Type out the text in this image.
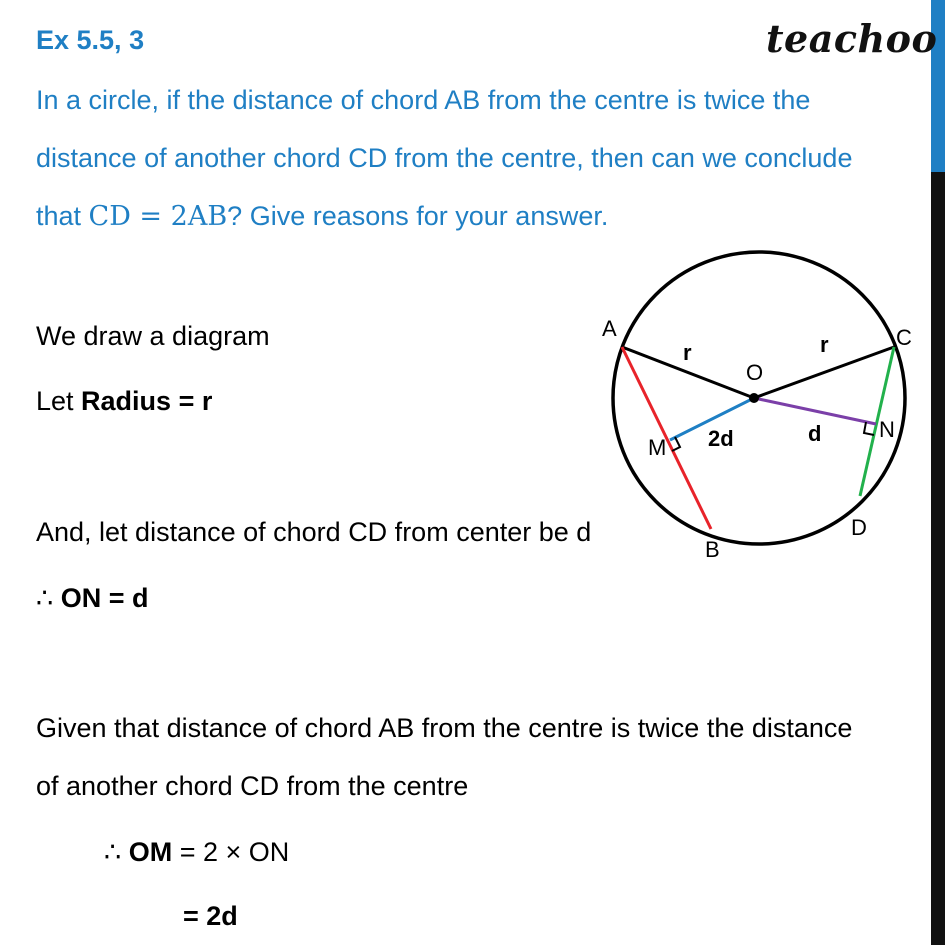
Ex 5.5, 3	teachoo
In a circle, if the distance of chord AB from the centre is twice the
distance of another chord CD from the centre, then can we conclude
that CD = 2AB? Give reasons for your answer.
We draw a diagram
Let Radius = r
And, let distance of chord CD from center be d
∴ ON = d
Given that distance of chord AB from the centre is twice the distance
of another chord CD from the centre
∴ OM = 2 × ON
= 2d
A
B
C
D
O
M
N
r	r
2d	d
